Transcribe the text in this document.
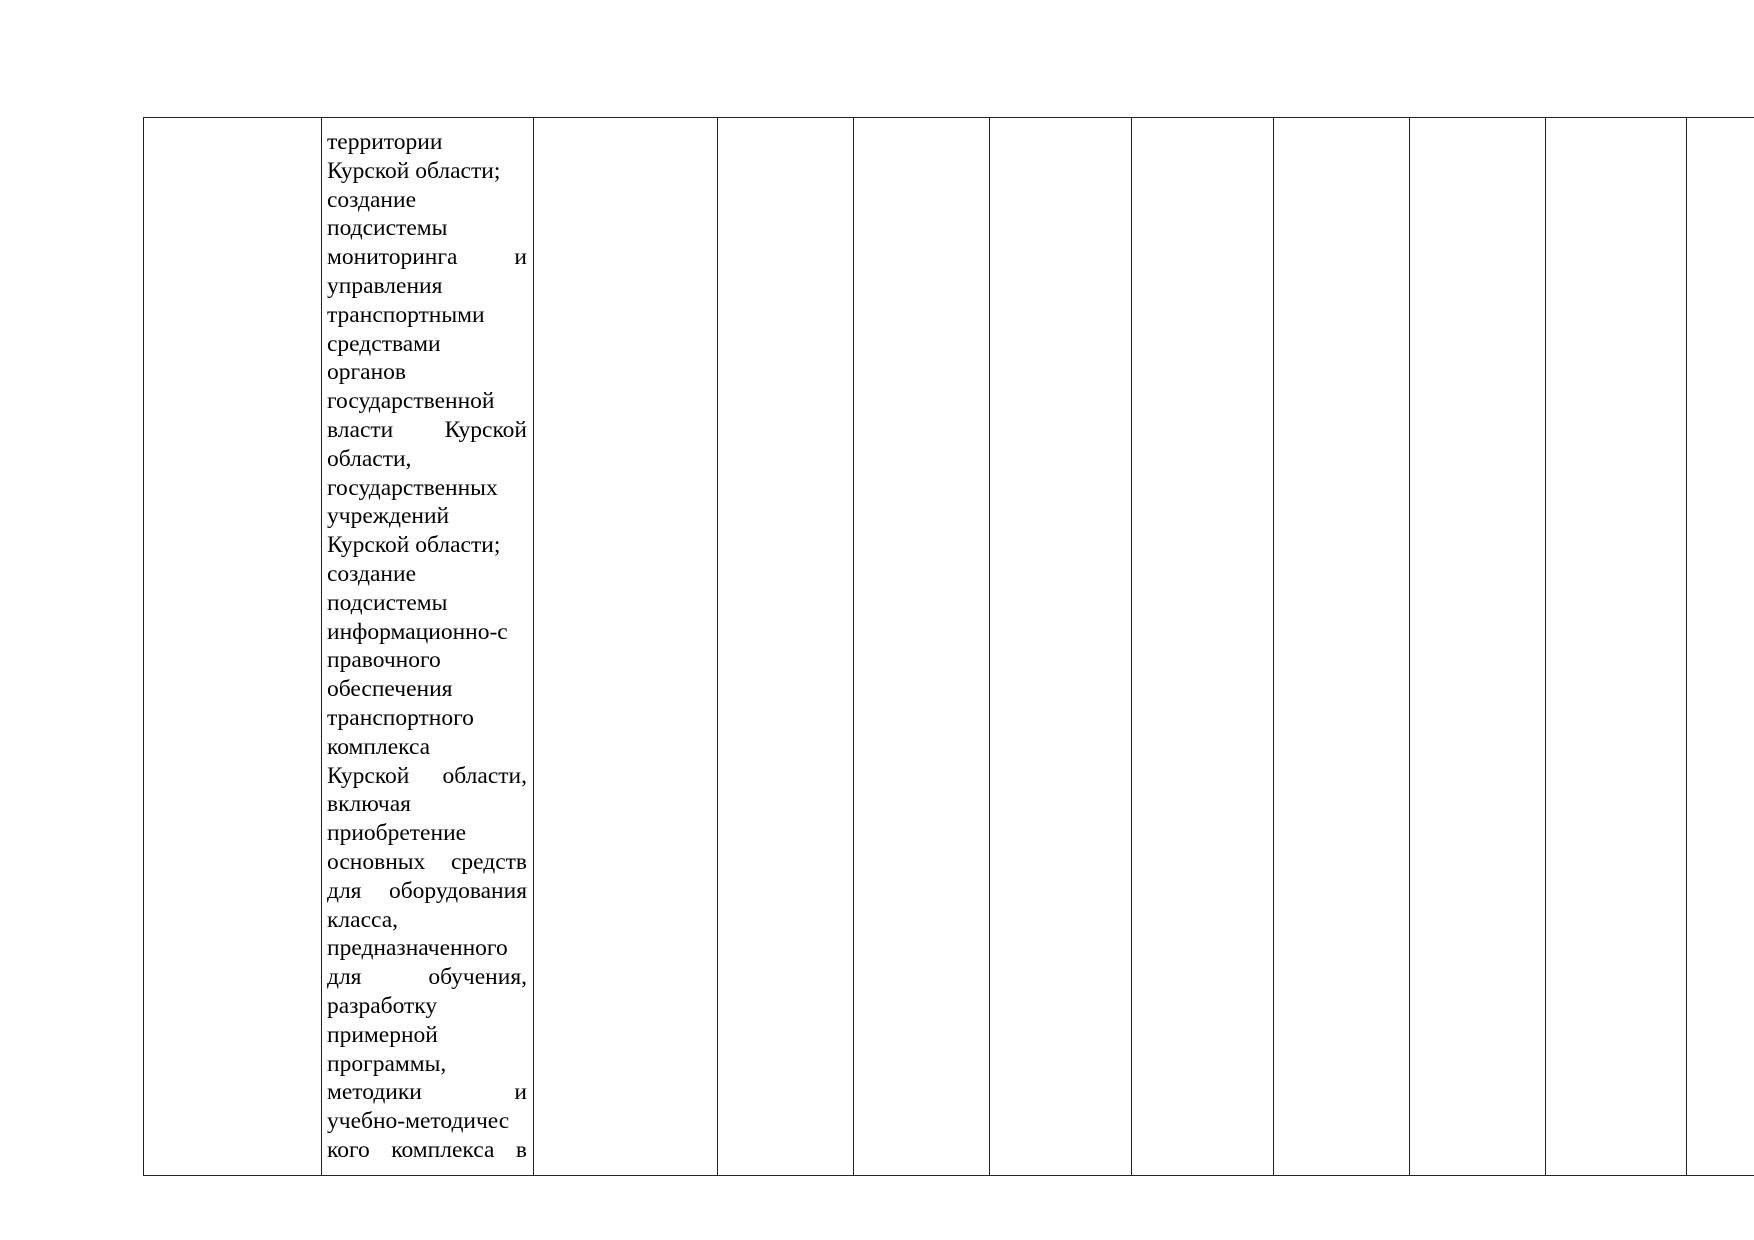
территории
Курской области;
создание
подсистемы
мониторинга и
управления
транспортными
средствами
органов
государственной
власти Курской
области,
государственных
учреждений
Курской области;
создание
подсистемы
информационно-с
правочного
обеспечения
транспортного
комплекса
Курской области,
включая
приобретение
основных средств
для оборудования
класса,
предназначенного
для обучения,
разработку
примерной
программы,
методики и
учебно-методичес
кого комплекса в
